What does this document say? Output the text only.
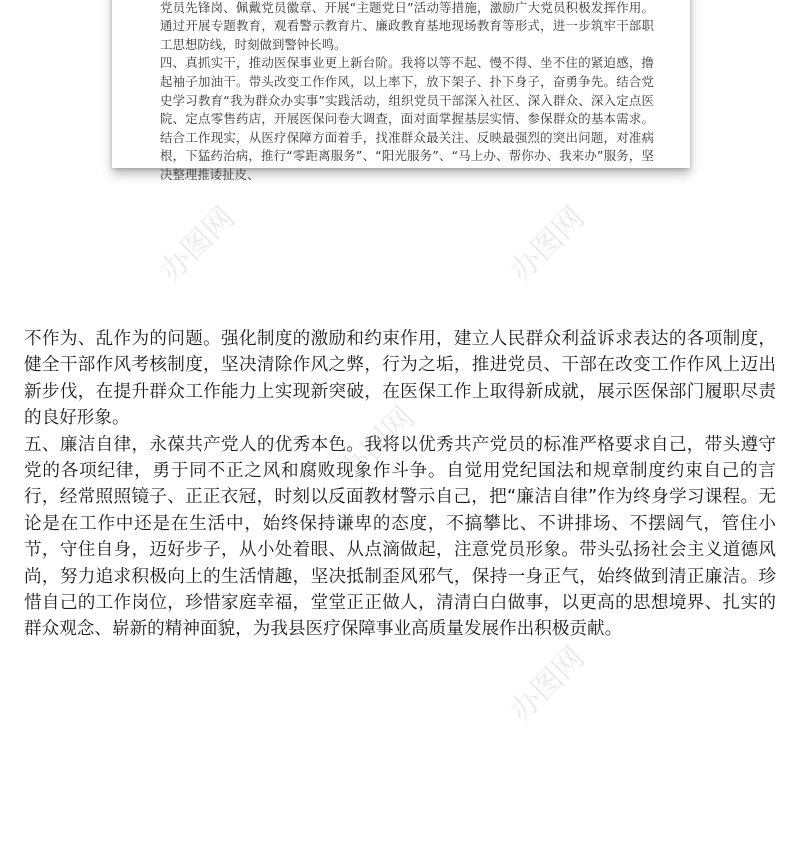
党员先锋岗、佩戴党员徽章、开展“主题党日”活动等措施，激励广大党员积极发挥作用。通过开展专题教育，观看警示教育片、廉政教育基地现场教育等形式，进一步筑牢干部职工思想防线，时刻做到警钟长鸣。

四、真抓实干，推动医保事业更上新台阶。我将以等不起、慢不得、坐不住的紧迫感，撸起袖子加油干。带头改变工作作风，以上率下，放下架子、扑下身子，奋勇争先。结合党史学习教育“我为群众办实事”实践活动，组织党员干部深入社区、深入群众、深入定点医院、定点零售药店，开展医保问卷大调查，面对面掌握基层实情、参保群众的基本需求。结合工作现实，从医疗保障方面着手，找准群众最关注、反映最强烈的突出问题，对准病根，下猛药治病，推行“零距离服务”、“阳光服务”、“马上办、帮你办、我来办”服务，坚决整理推诿扯皮、

办图网	办图网
办图网
办图网

不作为、乱作为的问题。强化制度的激励和约束作用，建立人民群众利益诉求表达的各项制度，健全干部作风考核制度，坚决清除作风之弊，行为之垢，推进党员、干部在改变工作作风上迈出新步伐，在提升群众工作能力上实现新突破，在医保工作上取得新成就，展示医保部门履职尽责的良好形象。

五、廉洁自律，永葆共产党人的优秀本色。我将以优秀共产党员的标准严格要求自己，带头遵守党的各项纪律，勇于同不正之风和腐败现象作斗争。自觉用党纪国法和规章制度约束自己的言行，经常照照镜子、正正衣冠，时刻以反面教材警示自己，把“廉洁自律”作为终身学习课程。无论是在工作中还是在生活中，始终保持谦卑的态度，不搞攀比、不讲排场、不摆阔气，管住小节，守住自身，迈好步子，从小处着眼、从点滴做起，注意党员形象。带头弘扬社会主义道德风尚，努力追求积极向上的生活情趣，坚决抵制歪风邪气，保持一身正气，始终做到清正廉洁。珍惜自己的工作岗位，珍惜家庭幸福，堂堂正正做人，清清白白做事，以更高的思想境界、扎实的群众观念、崭新的精神面貌，为我县医疗保障事业高质量发展作出积极贡献。
